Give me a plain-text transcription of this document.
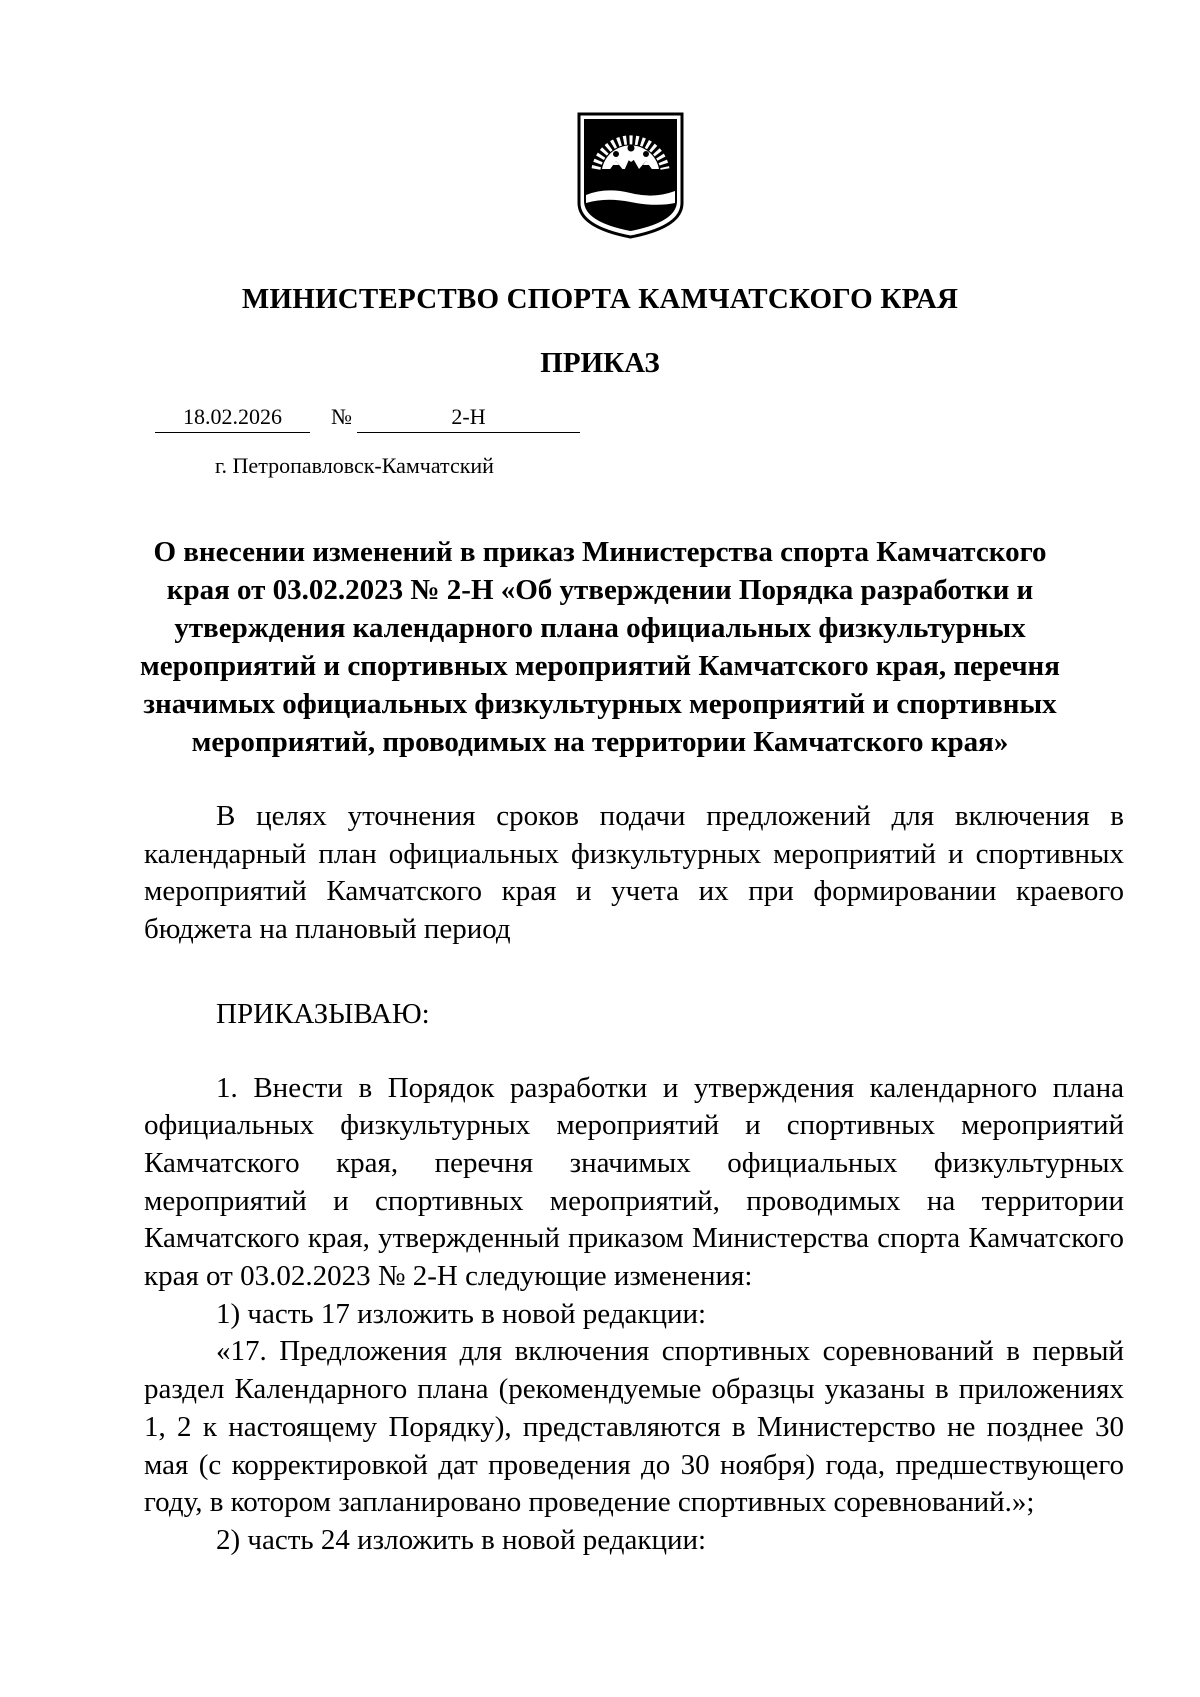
МИНИСТЕРСТВО СПОРТА КАМЧАТСКОГО КРАЯ
ПРИКАЗ
18.02.2026	№	2-Н
г. Петропавловск-Камчатский
О внесении изменений в приказ Министерства спорта Камчатского края от 03.02.2023 № 2-Н «Об утверждении Порядка разработки и утверждения календарного плана официальных физкультурных мероприятий и спортивных мероприятий Камчатского края, перечня значимых официальных физкультурных мероприятий и спортивных мероприятий, проводимых на территории Камчатского края»

В целях уточнения сроков подачи предложений для включения в календарный план официальных физкультурных мероприятий и спортивных мероприятий Камчатского края и учета их при формировании краевого бюджета на плановый период

ПРИКАЗЫВАЮ:

1. Внести в Порядок разработки и утверждения календарного плана официальных физкультурных мероприятий и спортивных мероприятий Камчатского края, перечня значимых официальных физкультурных мероприятий и спортивных мероприятий, проводимых на территории Камчатского края, утвержденный приказом Министерства спорта Камчатского края от 03.02.2023 № 2-Н следующие изменения:

1) часть 17 изложить в новой редакции:

«17. Предложения для включения спортивных соревнований в первый раздел Календарного плана (рекомендуемые образцы указаны в приложениях 1, 2 к настоящему Порядку), представляются в Министерство не позднее 30 мая (с корректировкой дат проведения до 30 ноября) года, предшествующего году, в котором запланировано проведение спортивных соревнований.»;

2) часть 24 изложить в новой редакции:
